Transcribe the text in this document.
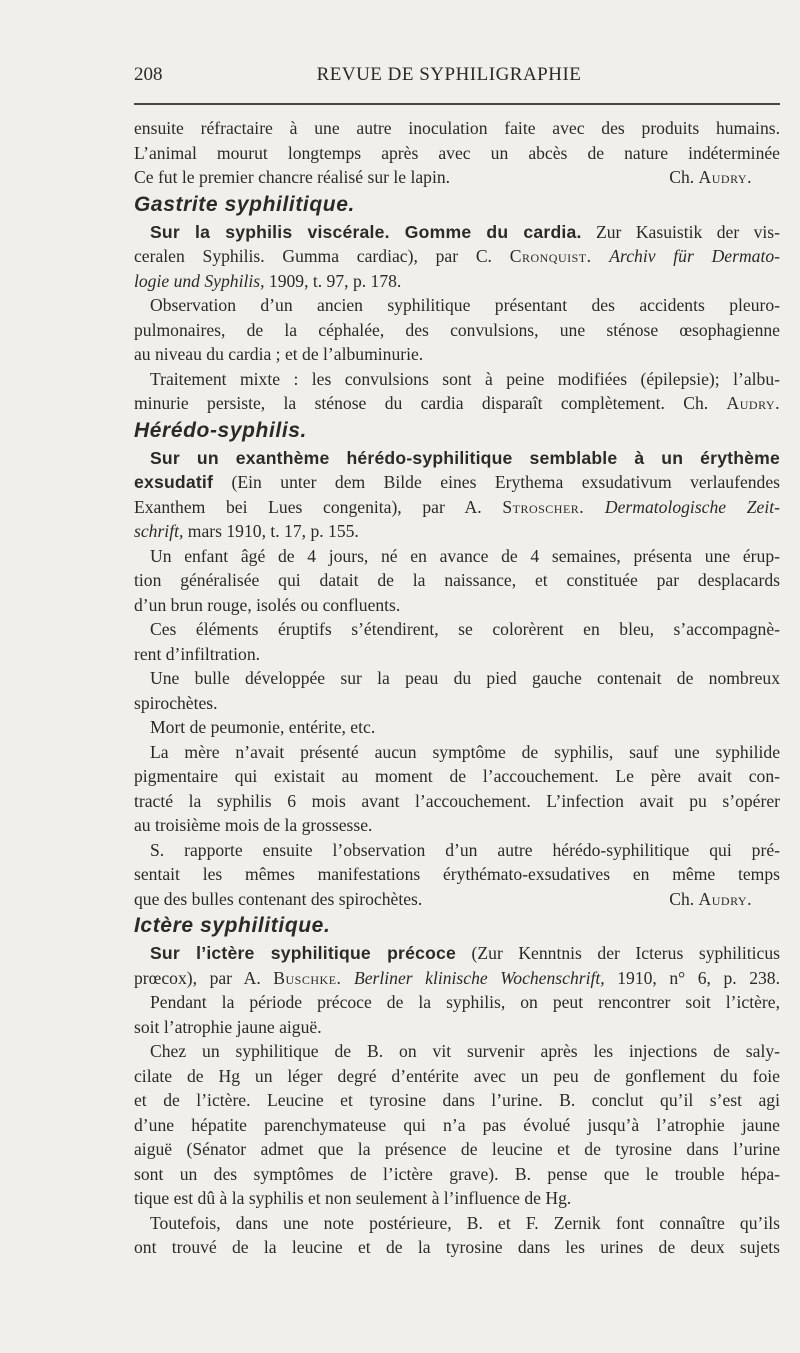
208	REVUE DE SYPHILIGRAPHIE
ensuite réfractaire à une autre inoculation faite avec des produits humains.
L’animal mourut longtemps après avec un abcès de nature indéterminée
Ce fut le premier chancre réalisé sur le lapin.	Ch. Audry.
Gastrite syphilitique.
Sur la syphilis viscérale. Gomme du cardia. Zur Kasuistik der vis-
ceralen Syphilis. Gumma cardiac), par C. Cronquist. Archiv für Dermato-
logie und Syphilis, 1909, t. 97, p. 178.
Observation d’un ancien syphilitique présentant des accidents pleuro-
pulmonaires, de la céphalée, des convulsions, une sténose œsophagienne
au niveau du cardia ; et de l’albuminurie.
Traitement mixte : les convulsions sont à peine modifiées (épilepsie); l’albu-
minurie persiste, la sténose du cardia disparaît complètement. Ch. Audry.
Hérédo-syphilis.
Sur un exanthème hérédo-syphilitique semblable à un érythème
exsudatif (Ein unter dem Bilde eines Erythema exsudativum verlaufendes
Exanthem bei Lues congenita), par A. Stroscher. Dermatologische Zeit-
schrift, mars 1910, t. 17, p. 155.
Un enfant âgé de 4 jours, né en avance de 4 semaines, présenta une érup-
tion généralisée qui datait de la naissance, et constituée par desplacards
d’un brun rouge, isolés ou confluents.
Ces éléments éruptifs s’étendirent, se colorèrent en bleu, s’accompagnè-
rent d’infiltration.
Une bulle développée sur la peau du pied gauche contenait de nombreux
spirochètes.
Mort de peumonie, entérite, etc.
La mère n’avait présenté aucun symptôme de syphilis, sauf une syphilide
pigmentaire qui existait au moment de l’accouchement. Le père avait con-
tracté la syphilis 6 mois avant l’accouchement. L’infection avait pu s’opérer
au troisième mois de la grossesse.
S. rapporte ensuite l’observation d’un autre hérédo-syphilitique qui pré-
sentait les mêmes manifestations érythémato-exsudatives en même temps
que des bulles contenant des spirochètes.	Ch. Audry.
Ictère syphilitique.
Sur l’ictère syphilitique précoce (Zur Kenntnis der Icterus syphiliticus
prœcox), par A. Buschke. Berliner klinische Wochenschrift, 1910, n° 6, p. 238.
Pendant la période précoce de la syphilis, on peut rencontrer soit l’ictère,
soit l’atrophie jaune aiguë.
Chez un syphilitique de B. on vit survenir après les injections de saly-
cilate de Hg un léger degré d’entérite avec un peu de gonflement du foie
et de l’ictère. Leucine et tyrosine dans l’urine. B. conclut qu’il s’est agi
d’une hépatite parenchymateuse qui n’a pas évolué jusqu’à l’atrophie jaune
aiguë (Sénator admet que la présence de leucine et de tyrosine dans l’urine
sont un des symptômes de l’ictère grave). B. pense que le trouble hépa-
tique est dû à la syphilis et non seulement à l’influence de Hg.
Toutefois, dans une note postérieure, B. et F. Zernik font connaître qu’ils
ont trouvé de la leucine et de la tyrosine dans les urines de deux sujets
